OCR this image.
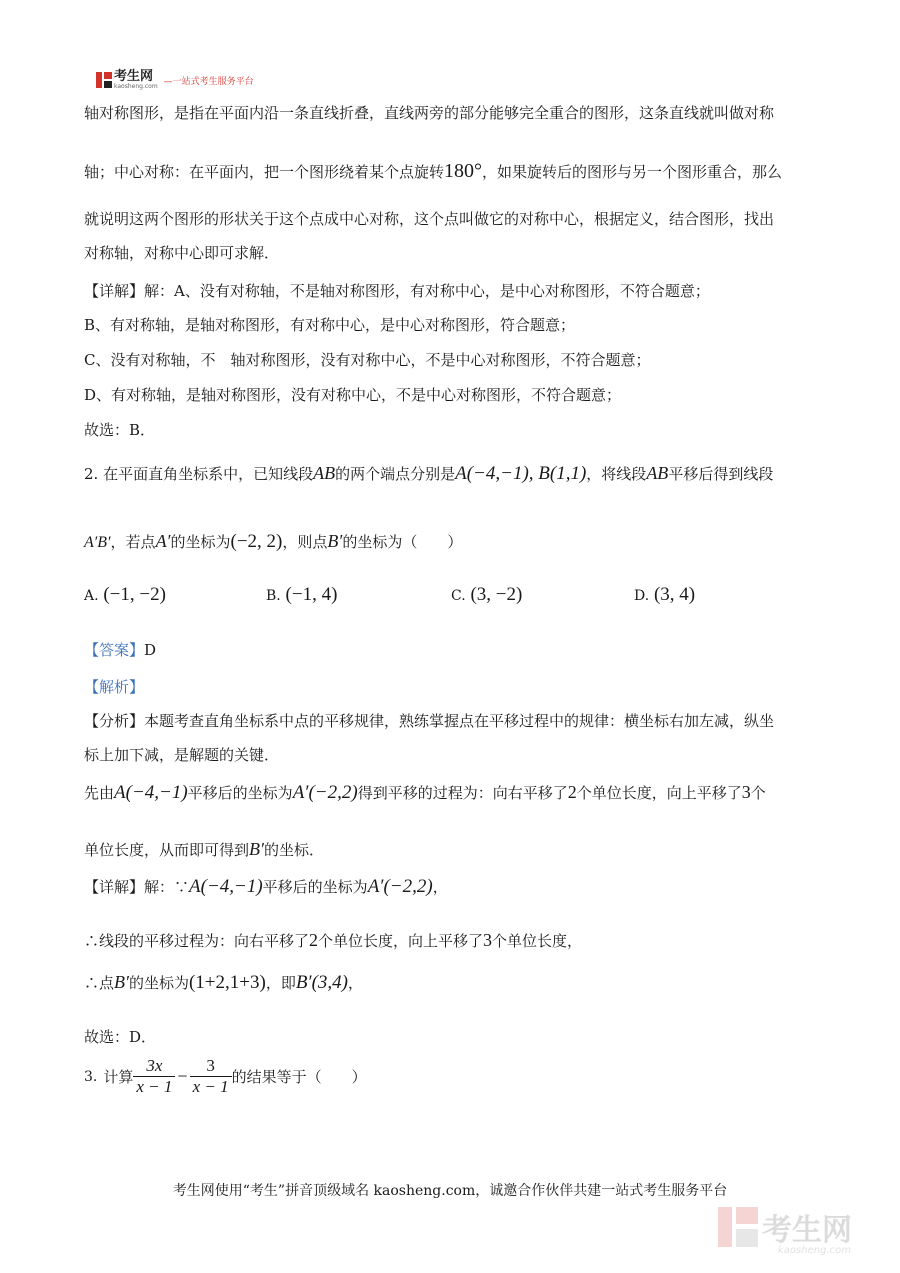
考生网
kaosheng.com —一站式考生服务平台
轴对称图形，是指在平面内沿一条直线折叠，直线两旁的部分能够完全重合的图形，这条直线就叫做对称
轴；中心对称：在平面内，把一个图形绕着某个点旋转180°，如果旋转后的图形与另一个图形重合，那么
就说明这两个图形的形状关于这个点成中心对称，这个点叫做它的对称中心，根据定义，结合图形，找出
对称轴，对称中心即可求解．
【详解】解：A、没有对称轴，不是轴对称图形，有对称中心，是中心对称图形，不符合题意；
B、有对称轴，是轴对称图形，有对称中心，是中心对称图形，符合题意；
C、没有对称轴，不　轴对称图形，没有对称中心，不是中心对称图形，不符合题意；
D、有对称轴，是轴对称图形，没有对称中心，不是中心对称图形，不符合题意；
故选：B．
2. 在平面直角坐标系中，已知线段AB的两个端点分别是A(−4,−1), B(1,1)，将线段AB平移后得到线段
A′B′，若点A′的坐标为(−2, 2)，则点B′的坐标为（　　）
A. (−1, −2)	B. (−1, 4)	C. (3, −2)	D. (3, 4)
【答案】D
【解析】
【分析】本题考查直角坐标系中点的平移规律，熟练掌握点在平移过程中的规律：横坐标右加左减，纵坐
标上加下减，是解题的关键．
先由A(−4,−1)平移后的坐标为A′(−2,2)得到平移的过程为：向右平移了2个单位长度，向上平移了3个
单位长度，从而即可得到B′的坐标．
【详解】解：∵A(−4,−1)平移后的坐标为A′(−2,2)，
∴线段的平移过程为：向右平移了2个单位长度，向上平移了3个单位长度，
∴点B′的坐标为(1+2,1+3)，即B′(3,4)，
故选：D．
3. 计算 $\frac{3x}{x - 1} - \frac{3}{x - 1}$ 的结果等于（　　）
考生网使用“考生”拼音顶级域名 kaosheng.com，诚邀合作伙伴共建一站式考生服务平台
考生网
kaosheng.com
